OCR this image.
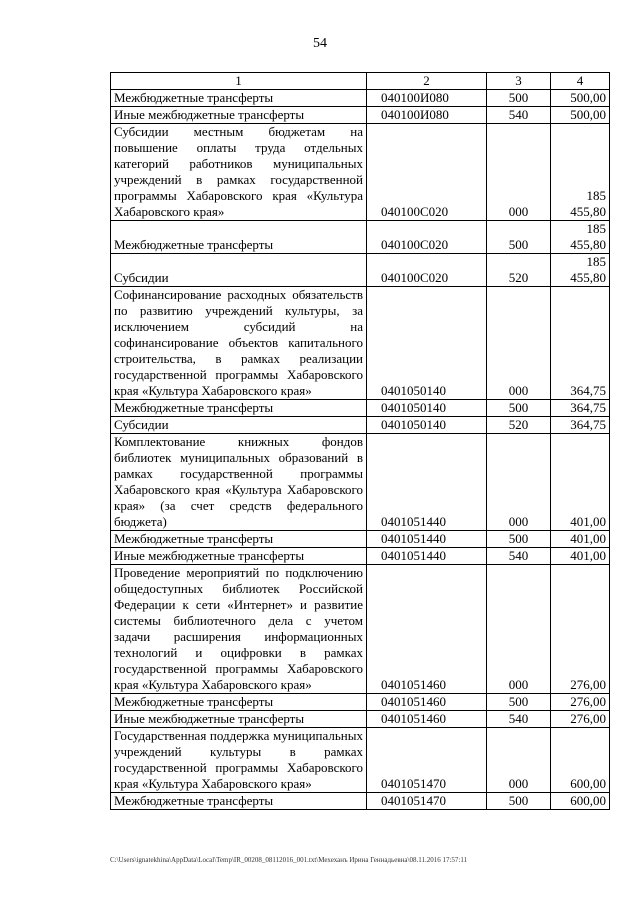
54
1	2	3	4
Межбюджетные трансферты	040100И080	500	500,00
Иные межбюджетные трансферты	040100И080	540	500,00
Субсидии местным бюджетам на повышение оплаты труда отдельных категорий работников муниципальных учреждений в рамках государственной программы Хабаровского края «Культура Хабаровского края»	040100С020	000	185 455,80
Межбюджетные трансферты	040100С020	500	185 455,80
Субсидии	040100С020	520	185 455,80
Софинансирование расходных обязательств по развитию учреждений культуры, за исключением субсидий на софинансирование объектов капитального строительства, в рамках реализации государственной программы Хабаровского края «Культура Хабаровского края»	0401050140	000	364,75
Межбюджетные трансферты	0401050140	500	364,75
Субсидии	0401050140	520	364,75
Комплектование книжных фондов библиотек муниципальных образований в рамках государственной программы Хабаровского края «Культура Хабаровского края» (за счет средств федерального бюджета)	0401051440	000	401,00
Межбюджетные трансферты	0401051440	500	401,00
Иные межбюджетные трансферты	0401051440	540	401,00
Проведение мероприятий по подключению общедоступных библиотек Российской Федерации к сети «Интернет» и развитие системы библиотечного дела с учетом задачи расширения информационных технологий и оцифровки в рамках государственной программы Хабаровского края «Культура Хабаровского края»	0401051460	000	276,00
Межбюджетные трансферты	0401051460	500	276,00
Иные межбюджетные трансферты	0401051460	540	276,00
Государственная поддержка муниципальных учреждений культуры в рамках государственной программы Хабаровского края «Культура Хабаровского края»	0401051470	000	600,00
Межбюджетные трансферты	0401051470	500	600,00
C:\Users\ignatekhina\AppData\Local\Temp\IR_00208_08112016_001.txt\Мехеханъ Ирина Геннадьевна\08.11.2016 17:57:11
